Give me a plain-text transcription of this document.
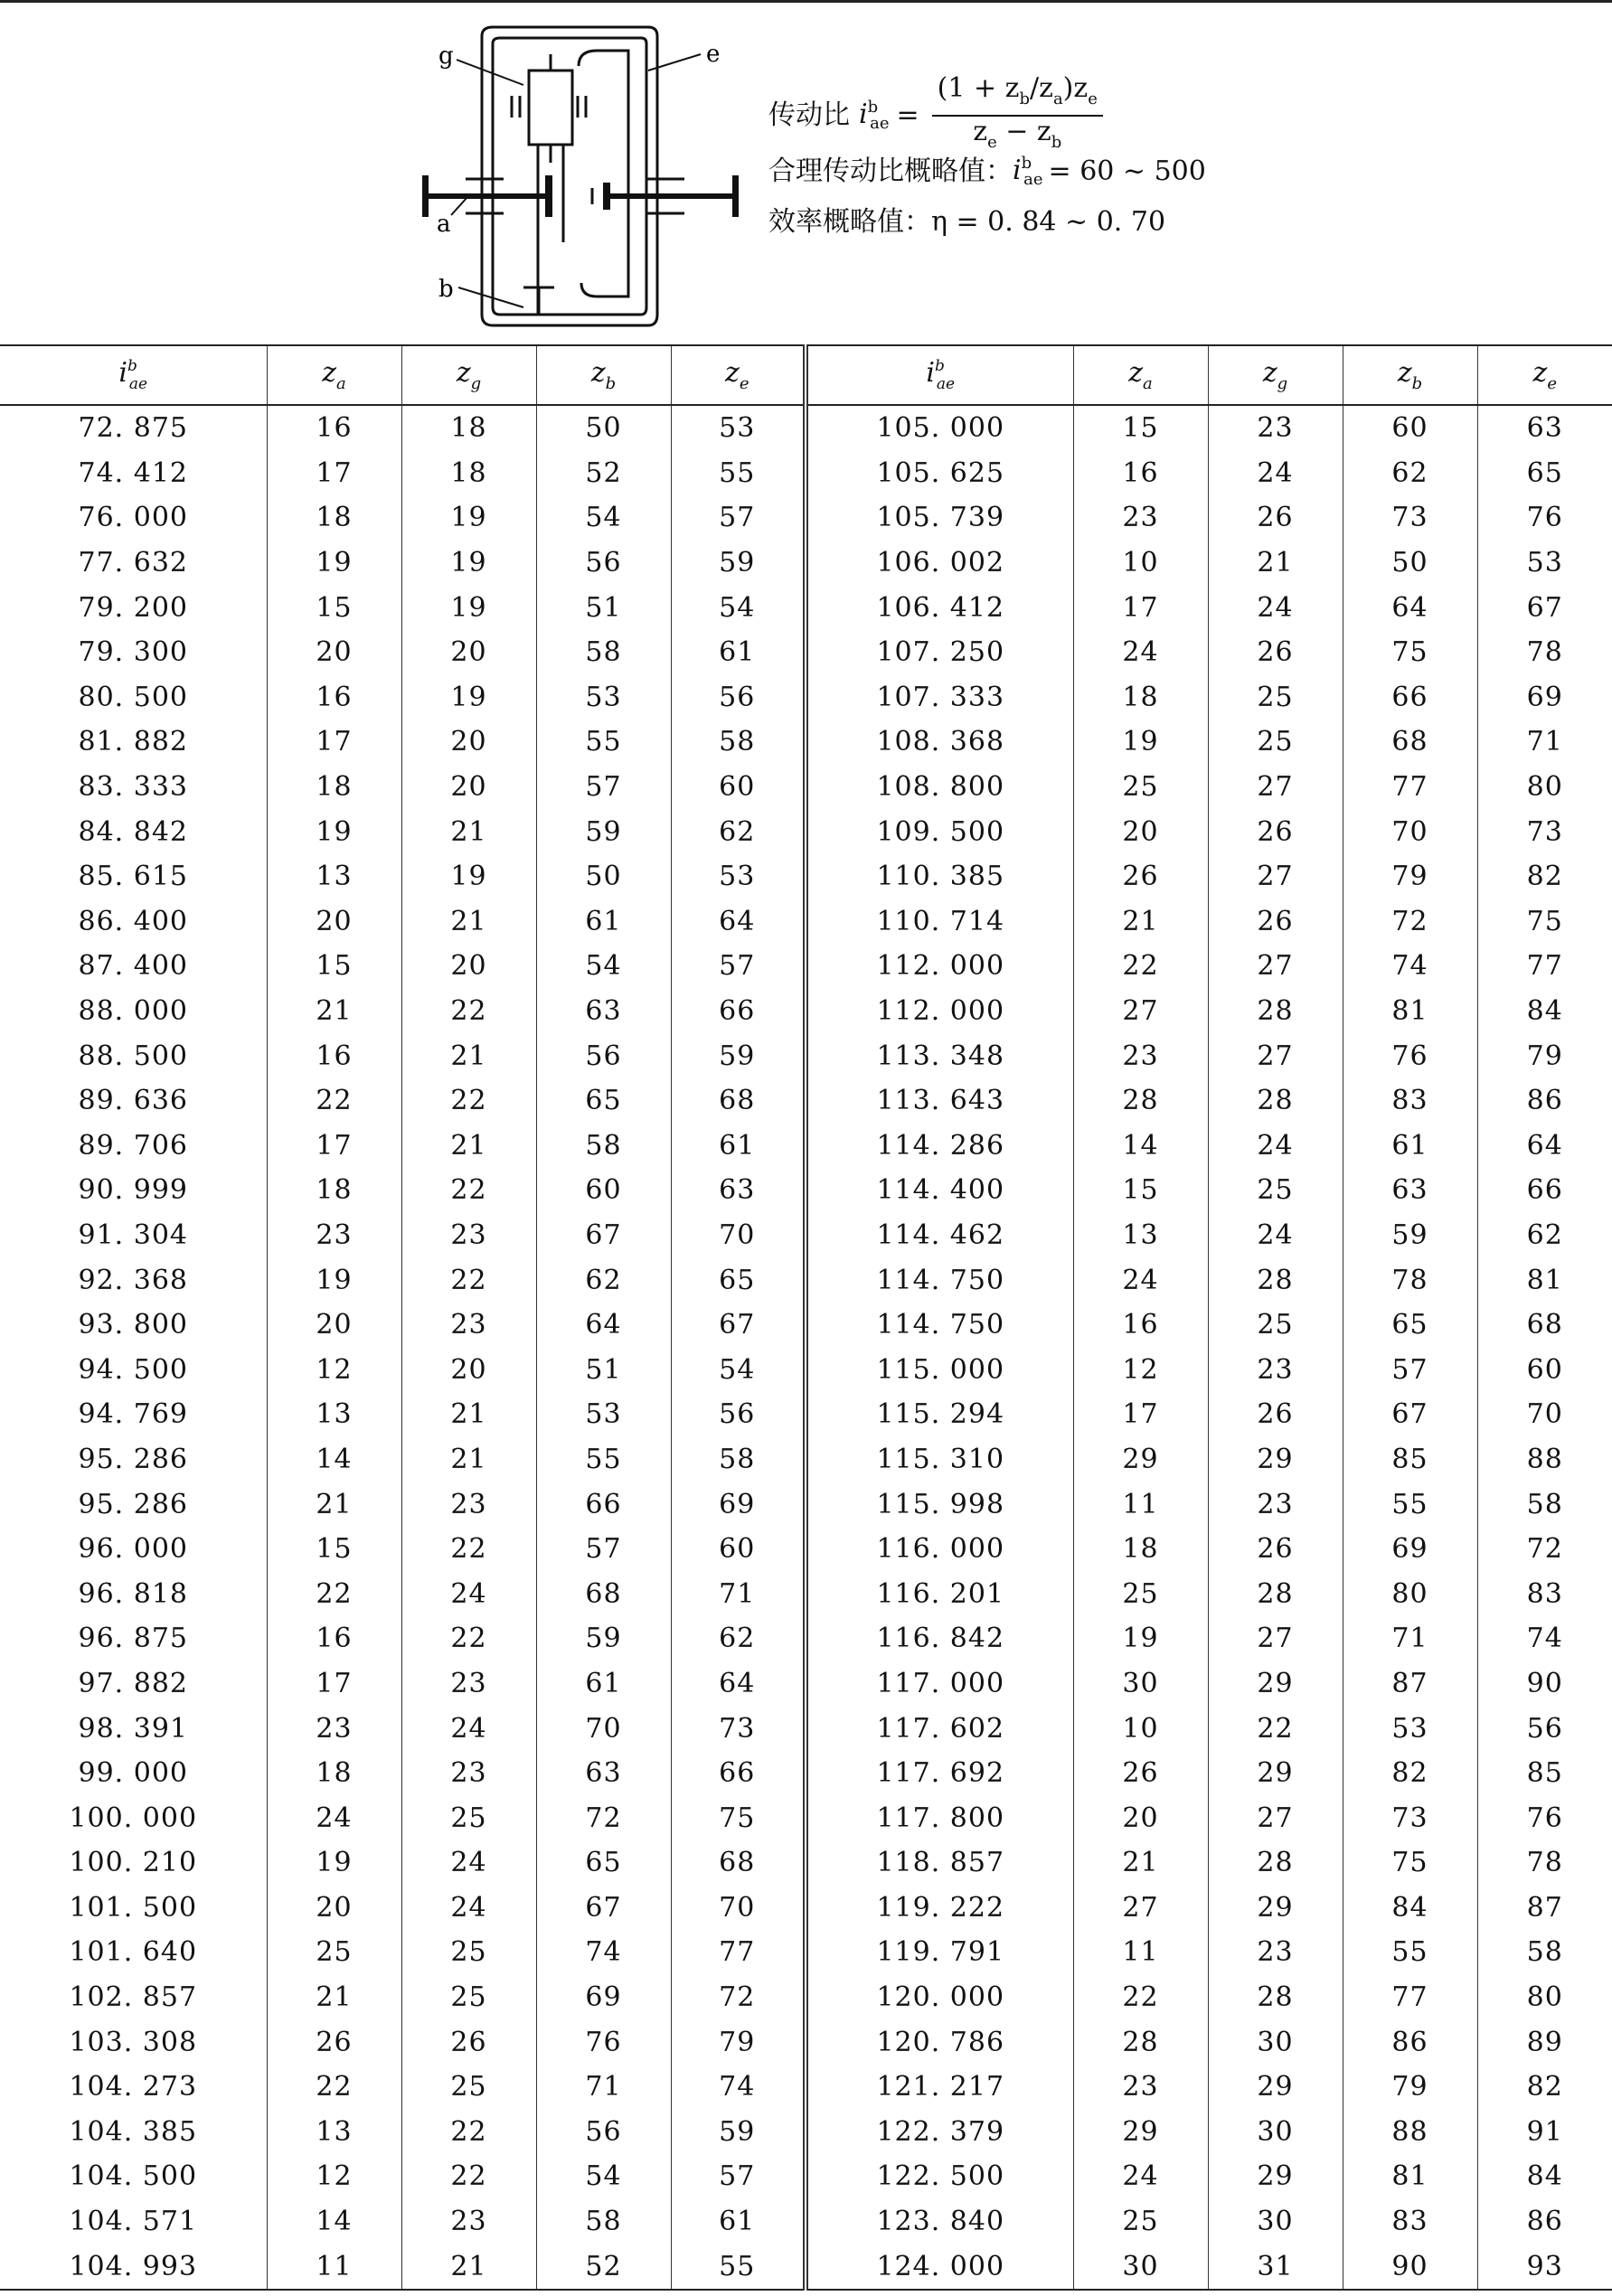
g	e
a
b
传动比 $i^b_{ae} = \frac{(1 + z_b/z_a)z_e}{z_e - z_b}$
合理传动比概略值： $i^b_{ae} = 60$ ~ 500
效率概略值： η = 0. 84 ~ 0. 70
$i^b_{ae}$	$z_a$	$z_g$	$z_b$	$z_e$	$i^b_{ae}$	$z_a$	$z_g$	$z_b$	$z_e$
72. 875	16	18	50	53	105. 000	15	23	60	63
74. 412	17	18	52	55	105. 625	16	24	62	65
76. 000	18	19	54	57	105. 739	23	26	73	76
77. 632	19	19	56	59	106. 002	10	21	50	53
79. 200	15	19	51	54	106. 412	17	24	64	67
79. 300	20	20	58	61	107. 250	24	26	75	78
80. 500	16	19	53	56	107. 333	18	25	66	69
81. 882	17	20	55	58	108. 368	19	25	68	71
83. 333	18	20	57	60	108. 800	25	27	77	80
84. 842	19	21	59	62	109. 500	20	26	70	73
85. 615	13	19	50	53	110. 385	26	27	79	82
86. 400	20	21	61	64	110. 714	21	26	72	75
87. 400	15	20	54	57	112. 000	22	27	74	77
88. 000	21	22	63	66	112. 000	27	28	81	84
88. 500	16	21	56	59	113. 348	23	27	76	79
89. 636	22	22	65	68	113. 643	28	28	83	86
89. 706	17	21	58	61	114. 286	14	24	61	64
90. 999	18	22	60	63	114. 400	15	25	63	66
91. 304	23	23	67	70	114. 462	13	24	59	62
92. 368	19	22	62	65	114. 750	24	28	78	81
93. 800	20	23	64	67	114. 750	16	25	65	68
94. 500	12	20	51	54	115. 000	12	23	57	60
94. 769	13	21	53	56	115. 294	17	26	67	70
95. 286	14	21	55	58	115. 310	29	29	85	88
95. 286	21	23	66	69	115. 998	11	23	55	58
96. 000	15	22	57	60	116. 000	18	26	69	72
96. 818	22	24	68	71	116. 201	25	28	80	83
96. 875	16	22	59	62	116. 842	19	27	71	74
97. 882	17	23	61	64	117. 000	30	29	87	90
98. 391	23	24	70	73	117. 602	10	22	53	56
99. 000	18	23	63	66	117. 692	26	29	82	85
100. 000	24	25	72	75	117. 800	20	27	73	76
100. 210	19	24	65	68	118. 857	21	28	75	78
101. 500	20	24	67	70	119. 222	27	29	84	87
101. 640	25	25	74	77	119. 791	11	23	55	58
102. 857	21	25	69	72	120. 000	22	28	77	80
103. 308	26	26	76	79	120. 786	28	30	86	89
104. 273	22	25	71	74	121. 217	23	29	79	82
104. 385	13	22	56	59	122. 379	29	30	88	91
104. 500	12	22	54	57	122. 500	24	29	81	84
104. 571	14	23	58	61	123. 840	25	30	83	86
104. 993	11	21	52	55	124. 000	30	31	90	93
